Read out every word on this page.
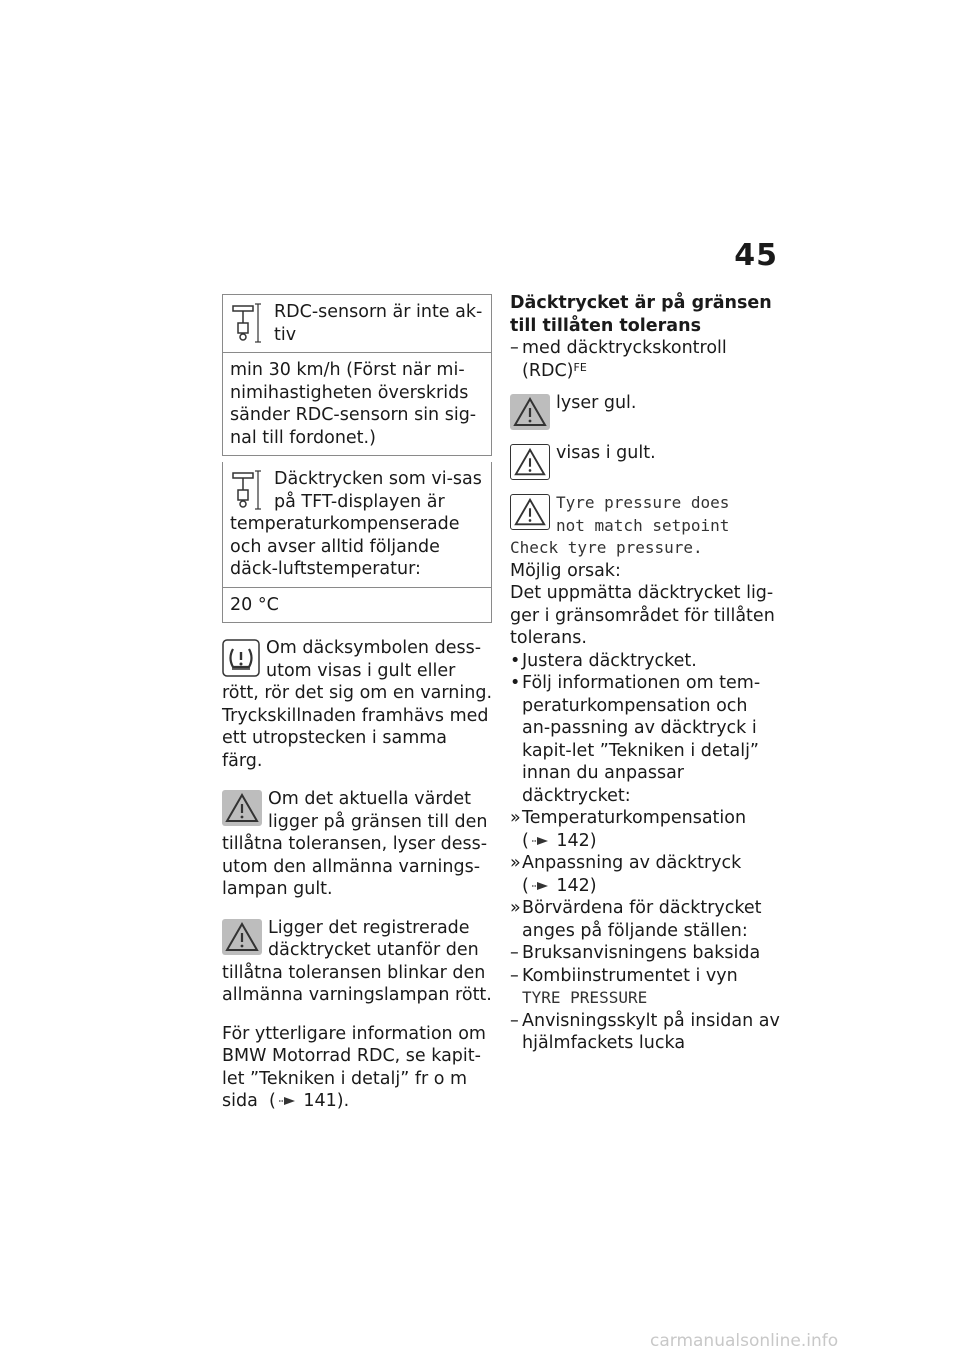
45

RDC-sensorn är inte ak-tiv

min 30 km/h (Först när mi-nimihastigheten överskrids sänder RDC-sensorn sin sig-nal till fordonet.)

Däcktrycken som vi-sas på TFT-displayen är temperaturkompenserade och avser alltid följande däck-luftstemperatur:

20 °C

Om däcksymbolen dess-utom visas i gult eller rött, rör det sig om en varning. Tryckskillnaden framhävs med ett utropstecken i samma färg.

Om det aktuella värdet ligger på gränsen till den tillåtna toleransen, lyser dess-utom den allmänna varnings-lampan gult.

Ligger det registrerade däcktrycket utanför den tillåtna toleransen blinkar den allmänna varningslampan rött.

För ytterligare information om BMW Motorrad RDC, se kapit-let ”Tekniken i detalj” fr o m sida  ( 141).

Däcktrycket är på gränsen till tillåten tolerans

– med däcktryckskontroll (RDC)$^{FE}$

lyser gul.

visas i gult.

Tyre pressure does

not match setpoint

Check tyre pressure.

Möjlig orsak:

Det uppmätta däcktrycket lig-ger i gränsområdet för tillåten tolerans.

• Justera däcktrycket.
• Följ informationen om tem-peraturkompensation och an-passning av däcktryck i kapit-let ”Tekniken i detalj” innan du anpassar däcktrycket:
» Temperaturkompensation
( 142)
» Anpassning av däcktryck
( 142)
» Börvärdena för däcktrycket anges på följande ställen:
– Bruksanvisningens baksida
– Kombiinstrumentet i vyn
TYRE PRESSURE
– Anvisningsskylt på insidan av hjälmfackets lucka
carmanualsonline.info
